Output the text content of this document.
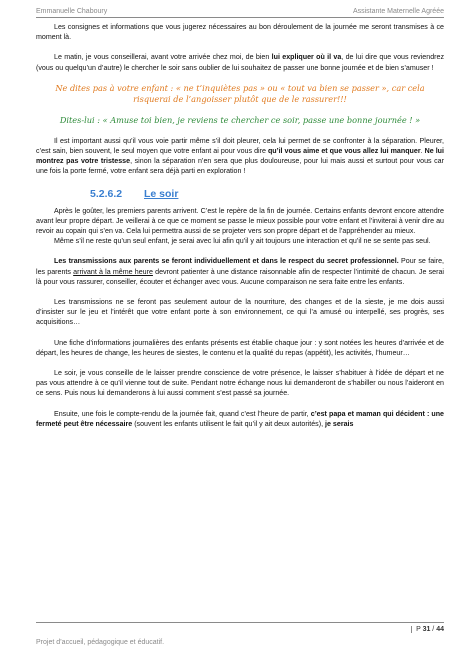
Emmanuelle Chaboury	Assistante Maternelle Agréée

Les consignes et informations que vous jugerez nécessaires au bon déroulement de la journée me seront transmises à ce moment là.

Le matin, je vous conseillerai, avant votre arrivée chez moi, de bien lui expliquer où il va, de lui dire que vous reviendrez (vous ou quelqu’un d’autre) le chercher le soir sans oublier de lui souhaitez de passer une bonne journée et de bien s’amuser !

Ne dites pas à votre enfant : « ne t’inquiètes pas » ou « tout va bien se passer », car cela risquerai de l’angoisser plutôt que de le rassurer!!!

Dites-lui : « Amuse toi bien, je reviens te chercher ce soir, passe une bonne journée ! »

Il est important aussi qu’il vous voie partir même s’il doit pleurer, cela lui permet de se confronter à la séparation. Pleurer, c’est sain, bien souvent, le seul moyen que votre enfant ai pour vous dire qu’il vous aime et que vous allez lui manquer. Ne lui montrez pas votre tristesse, sinon la séparation n’en sera que plus douloureuse, pour lui mais aussi et surtout pour vous car une fois la porte fermé, votre enfant sera déjà parti en exploration !

5.2.6.2 Le soir

Après le goûter, les premiers parents arrivent. C’est le repère de la fin de journée. Certains enfants devront encore attendre avant leur propre départ. Je veillerai à ce que ce moment se passe le mieux possible pour votre enfant et l’inviterai à venir dire au revoir au copain qui s’en va. Cela lui permettra aussi de se projeter vers son propre départ et de l’appréhender au mieux.

Même s’il ne reste qu’un seul enfant, je serai avec lui afin qu’il y ait toujours une interaction et qu’il ne se sente pas seul.

Les transmissions aux parents se feront individuellement et dans le respect du secret professionnel. Pour se faire, les parents arrivant à la même heure devront patienter à une distance raisonnable afin de respecter l’intimité de chacun. Je serai là pour vous rassurer, conseiller, écouter et échanger avec vous. Aucune comparaison ne sera faite entre les enfants.

Les transmissions ne se feront pas seulement autour de la nourriture, des changes et de la sieste, je me dois aussi d’insister sur le jeu et l’intérêt que votre enfant porte à son environnement, ce qui l’a amusé ou interpellé, ses progrès, ses acquisitions…

Une fiche d’informations journalières des enfants présents est établie chaque jour : y sont notées les heures d’arrivée et de départ, les heures de change, les heures de siestes, le contenu et la qualité du repas (appétit), les activités, l’humeur…

Le soir, je vous conseille de le laisser prendre conscience de votre présence, le laisser s’habituer à l’idée de départ et ne pas vous attendre à ce qu’il vienne tout de suite. Pendant notre échange nous lui demanderont de s’habiller ou nous l’aideront en ce sens. Puis nous lui demanderons à lui aussi comment s’est passé sa journée.

Ensuite, une fois le compte-rendu de la journée fait, quand c’est l’heure de partir, c’est papa et maman qui décident : une fermeté peut être nécessaire (souvent les enfants utilisent le fait qu’il y ait deux autorités), je serais

P 31 / 44
Projet d’accueil, pédagogique et éducatif.
